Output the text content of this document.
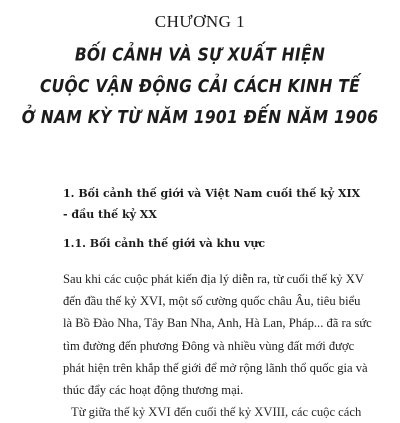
CHƯƠNG 1
BỐI CẢNH VÀ SỰ XUẤT HIỆN
CUỘC VẬN ĐỘNG CẢI CÁCH KINH TẾ
Ở NAM KỲ TỪ NĂM 1901 ĐẾN NĂM 1906
1. Bối cảnh thế giới và Việt Nam cuối thế kỷ XIX - đầu thế kỷ XX
1.1. Bối cảnh thế giới và khu vực
Sau khi các cuộc phát kiến địa lý diễn ra, từ cuối thế kỷ XV
đến đầu thế kỷ XVI, một số cường quốc châu Âu, tiêu biểu
là Bồ Đào Nha, Tây Ban Nha, Anh, Hà Lan, Pháp... đã ra sức
tìm đường đến phương Đông và nhiều vùng đất mới được
phát hiện trên khắp thế giới để mở rộng lãnh thổ quốc gia và
thúc đẩy các hoạt động thương mại.
Từ giữa thế kỷ XVI đến cuối thế kỷ XVIII, các cuộc cách
